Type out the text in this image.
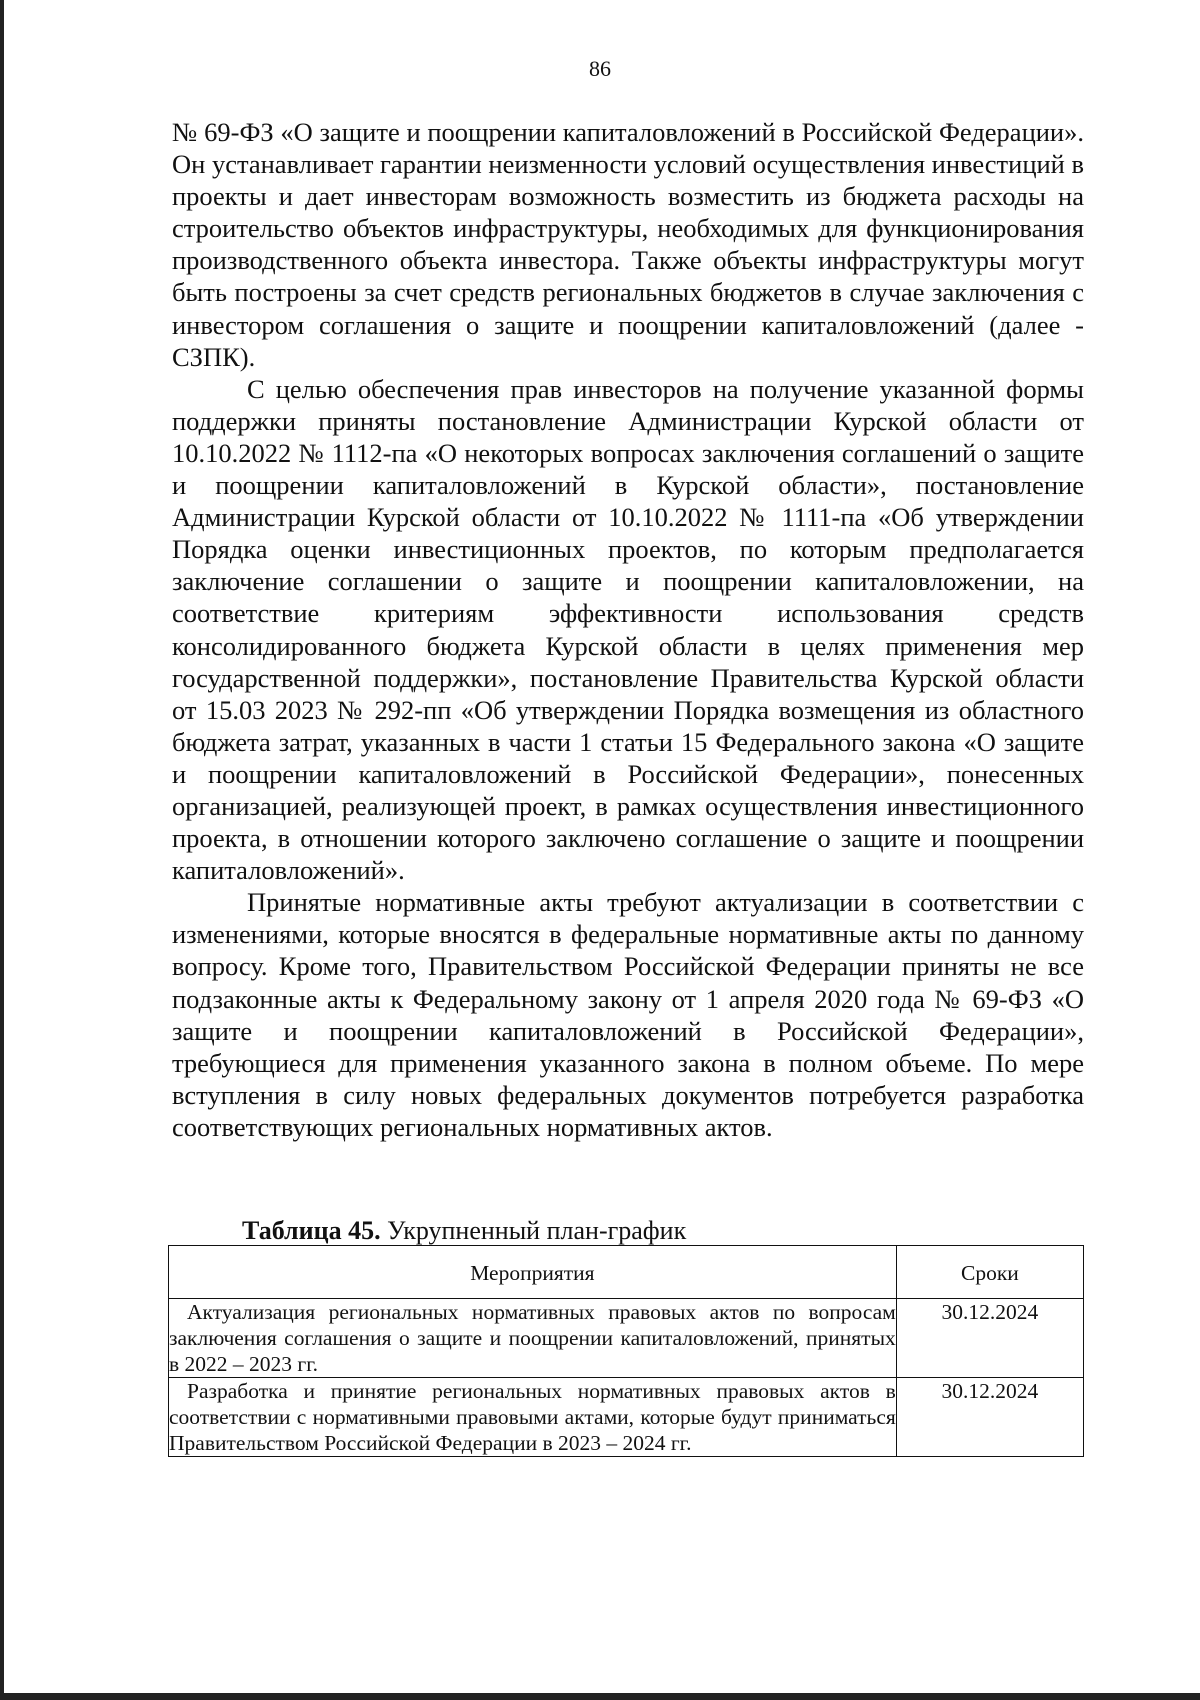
86

№ 69-ФЗ «О защите и поощрении капиталовложений в Российской Федерации». Он устанавливает гарантии неизменности условий осуществления инвестиций в проекты и дает инвесторам возможность возместить из бюджета расходы на строительство объектов инфраструктуры, необходимых для функционирования производственного объекта инвестора. Также объекты инфраструктуры могут быть построены за счет средств региональных бюджетов в случае заключения с инвестором соглашения о защите и поощрении капиталовложений (далее - СЗПК).

С целью обеспечения прав инвесторов на получение указанной формы поддержки приняты постановление Администрации Курской области от 10.10.2022 № 1112-па «О некоторых вопросах заключения соглашений о защите и поощрении капиталовложений в Курской области», постановление Администрации Курской области от 10.10.2022 № 1111-па «Об утверждении Порядка оценки инвестиционных проектов, по которым предполагается заключение соглашении о защите и поощрении капиталовложении, на соответствие критериям эффективности использования средств консолидированного бюджета Курской области в целях применения мер государственной поддержки», постановление Правительства Курской области от 15.03 2023 № 292-пп «Об утверждении Порядка возмещения из областного бюджета затрат, указанных в части 1 статьи 15 Федерального закона «О защите и поощрении капиталовложений в Российской Федерации», понесенных организацией, реализующей проект, в рамках осуществления инвестиционного проекта, в отношении которого заключено соглашение о защите и поощрении капиталовложений».

Принятые нормативные акты требуют актуализации в соответствии с изменениями, которые вносятся в федеральные нормативные акты по данному вопросу. Кроме того, Правительством Российской Федерации приняты не все подзаконные акты к Федеральному закону от 1 апреля 2020 года № 69-ФЗ «О защите и поощрении капиталовложений в Российской Федерации», требующиеся для применения указанного закона в полном объеме. По мере вступления в силу новых федеральных документов потребуется разработка соответствующих региональных нормативных актов.

Таблица 45. Укрупненный план-график
Мероприятия	Сроки
Актуализация региональных нормативных правовых актов по вопросам заключения соглашения о защите и поощрении капиталовложений, принятых в 2022 – 2023 гг.	30.12.2024
Разработка и принятие региональных нормативных правовых актов в соответствии с нормативными правовыми актами, которые будут приниматься Правительством Российской Федерации в 2023 – 2024 гг.	30.12.2024
